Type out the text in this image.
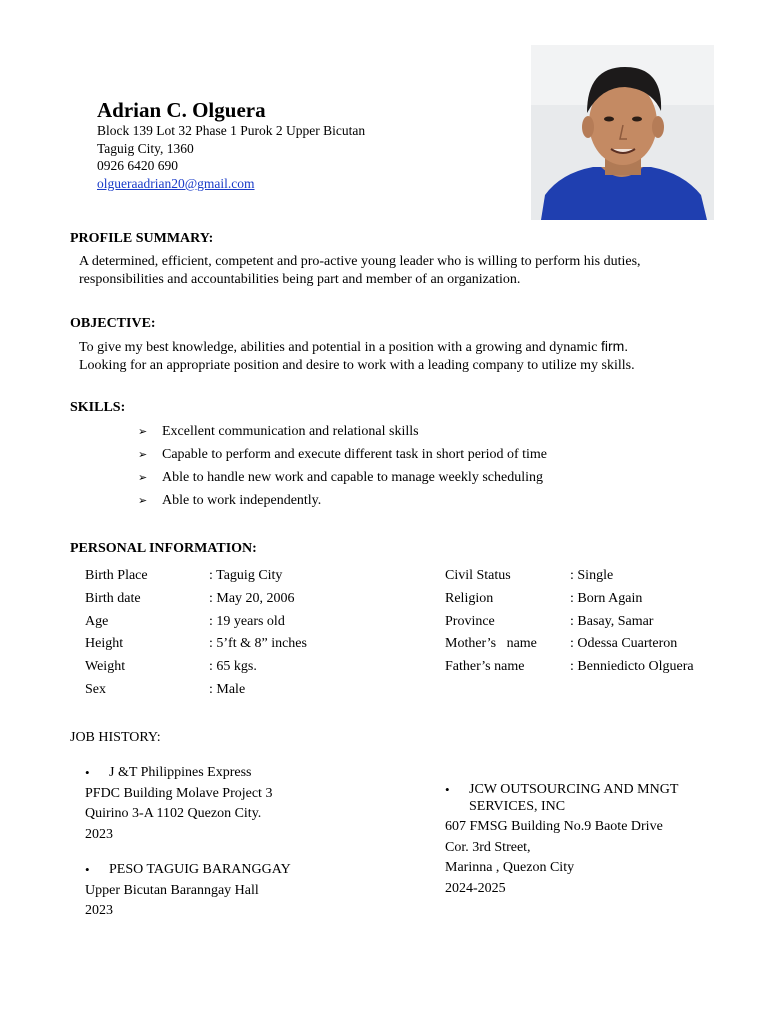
Adrian C. Olguera
Block 139 Lot 32 Phase 1 Purok 2 Upper Bicutan
Taguig City, 1360
0926 6420 690
olgueraadrian20@gmail.com
PROFILE SUMMARY:
A determined, efficient, competent and pro-active young leader who is willing to perform his duties, responsibilities and accountabilities being part and member of an organization.
OBJECTIVE:
To give my best knowledge, abilities and potential in a position with a growing and dynamic firm.
Looking for an appropriate position and desire to work with a leading company to utilize my skills.
SKILLS:
➢	Excellent communication and relational skills
➢	Capable to perform and execute different task in short period of time
➢	Able to handle new work and capable to manage weekly scheduling
➢	Able to work independently.
PERSONAL INFORMATION:
Birth Place	: Taguig City
Birth date	: May 20, 2006
Age	: 19 years old
Height	: 5’ft & 8” inches
Weight	: 65 kgs.
Sex	: Male
Civil Status	: Single
Religion	: Born Again
Province	: Basay, Samar
Mother’s   name : Odessa Cuarteron
Father’s name	: Benniedicto Olguera
JOB HISTORY:
•	J &T Philippines Express
PFDC Building Molave Project 3
Quirino 3-A 1102 Quezon City.
2023
•	PESO TAGUIG BARANGGAY
Upper Bicutan Baranngay Hall
2023
•	JCW OUTSOURCING AND MNGT
SERVICES, INC
607 FMSG Building No.9 Baote Drive
Cor. 3rd Street,
Marinna , Quezon City
2024-2025
